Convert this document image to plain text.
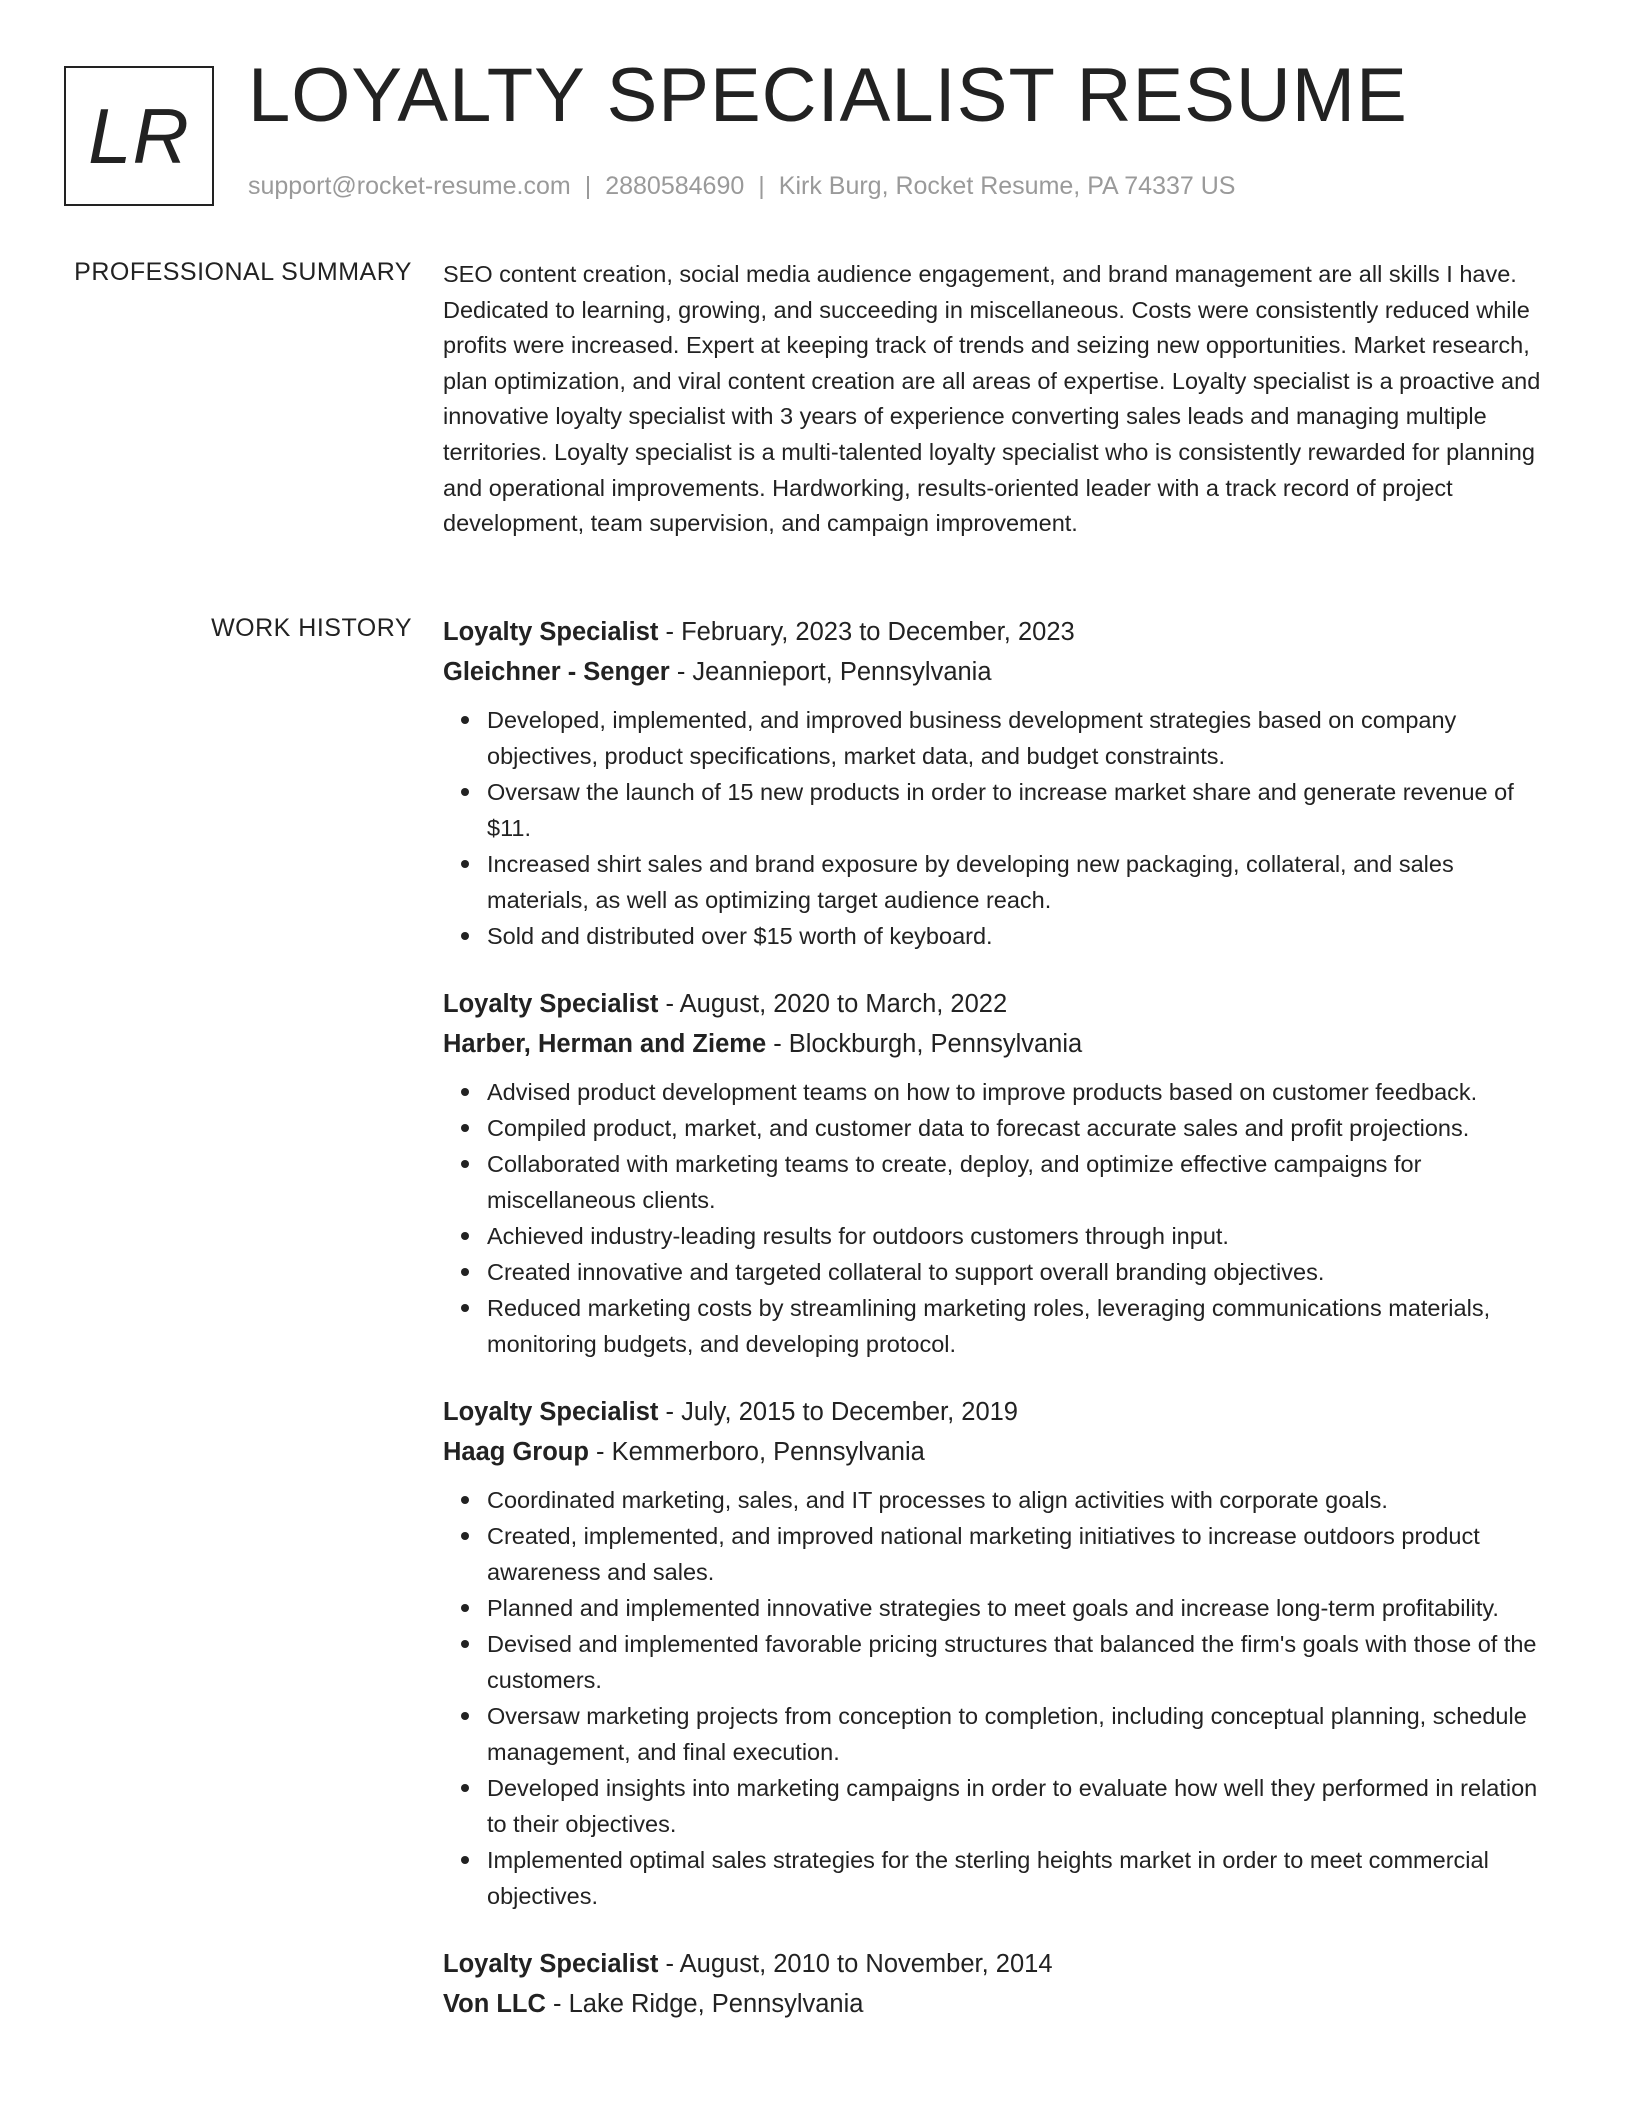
LR LOYALTY SPECIALIST RESUME
support@rocket-resume.com | 2880584690 | Kirk Burg, Rocket Resume, PA 74337 US
PROFESSIONAL SUMMARY SEO content creation, social media audience engagement, and brand management are all skills I have. Dedicated to learning, growing, and succeeding in miscellaneous. Costs were consistently reduced while profits were increased. Expert at keeping track of trends and seizing new opportunities. Market research, plan optimization, and viral content creation are all areas of expertise. Loyalty specialist is a proactive and innovative loyalty specialist with 3 years of experience converting sales leads and managing multiple territories. Loyalty specialist is a multi-talented loyalty specialist who is consistently rewarded for planning and operational improvements. Hardworking, results-oriented leader with a track record of project development, team supervision, and campaign improvement.

WORK HISTORY Loyalty Specialist - February, 2023 to December, 2023
Gleichner - Senger - Jeannieport, Pennsylvania
Developed, implemented, and improved business development strategies based on company objectives, product specifications, market data, and budget constraints.
Oversaw the launch of 15 new products in order to increase market share and generate revenue of $11.
Increased shirt sales and brand exposure by developing new packaging, collateral, and sales materials, as well as optimizing target audience reach.
Sold and distributed over $15 worth of keyboard.
Loyalty Specialist - August, 2020 to March, 2022
Harber, Herman and Zieme - Blockburgh, Pennsylvania
Advised product development teams on how to improve products based on customer feedback.
Compiled product, market, and customer data to forecast accurate sales and profit projections.
Collaborated with marketing teams to create, deploy, and optimize effective campaigns for miscellaneous clients.
Achieved industry-leading results for outdoors customers through input.
Created innovative and targeted collateral to support overall branding objectives.
Reduced marketing costs by streamlining marketing roles, leveraging communications materials, monitoring budgets, and developing protocol.
Loyalty Specialist - July, 2015 to December, 2019
Haag Group - Kemmerboro, Pennsylvania
Coordinated marketing, sales, and IT processes to align activities with corporate goals.
Created, implemented, and improved national marketing initiatives to increase outdoors product awareness and sales.
Planned and implemented innovative strategies to meet goals and increase long-term profitability.
Devised and implemented favorable pricing structures that balanced the firm's goals with those of the customers.
Oversaw marketing projects from conception to completion, including conceptual planning, schedule management, and final execution.
Developed insights into marketing campaigns in order to evaluate how well they performed in relation to their objectives.
Implemented optimal sales strategies for the sterling heights market in order to meet commercial objectives.
Loyalty Specialist - August, 2010 to November, 2014
Von LLC - Lake Ridge, Pennsylvania
